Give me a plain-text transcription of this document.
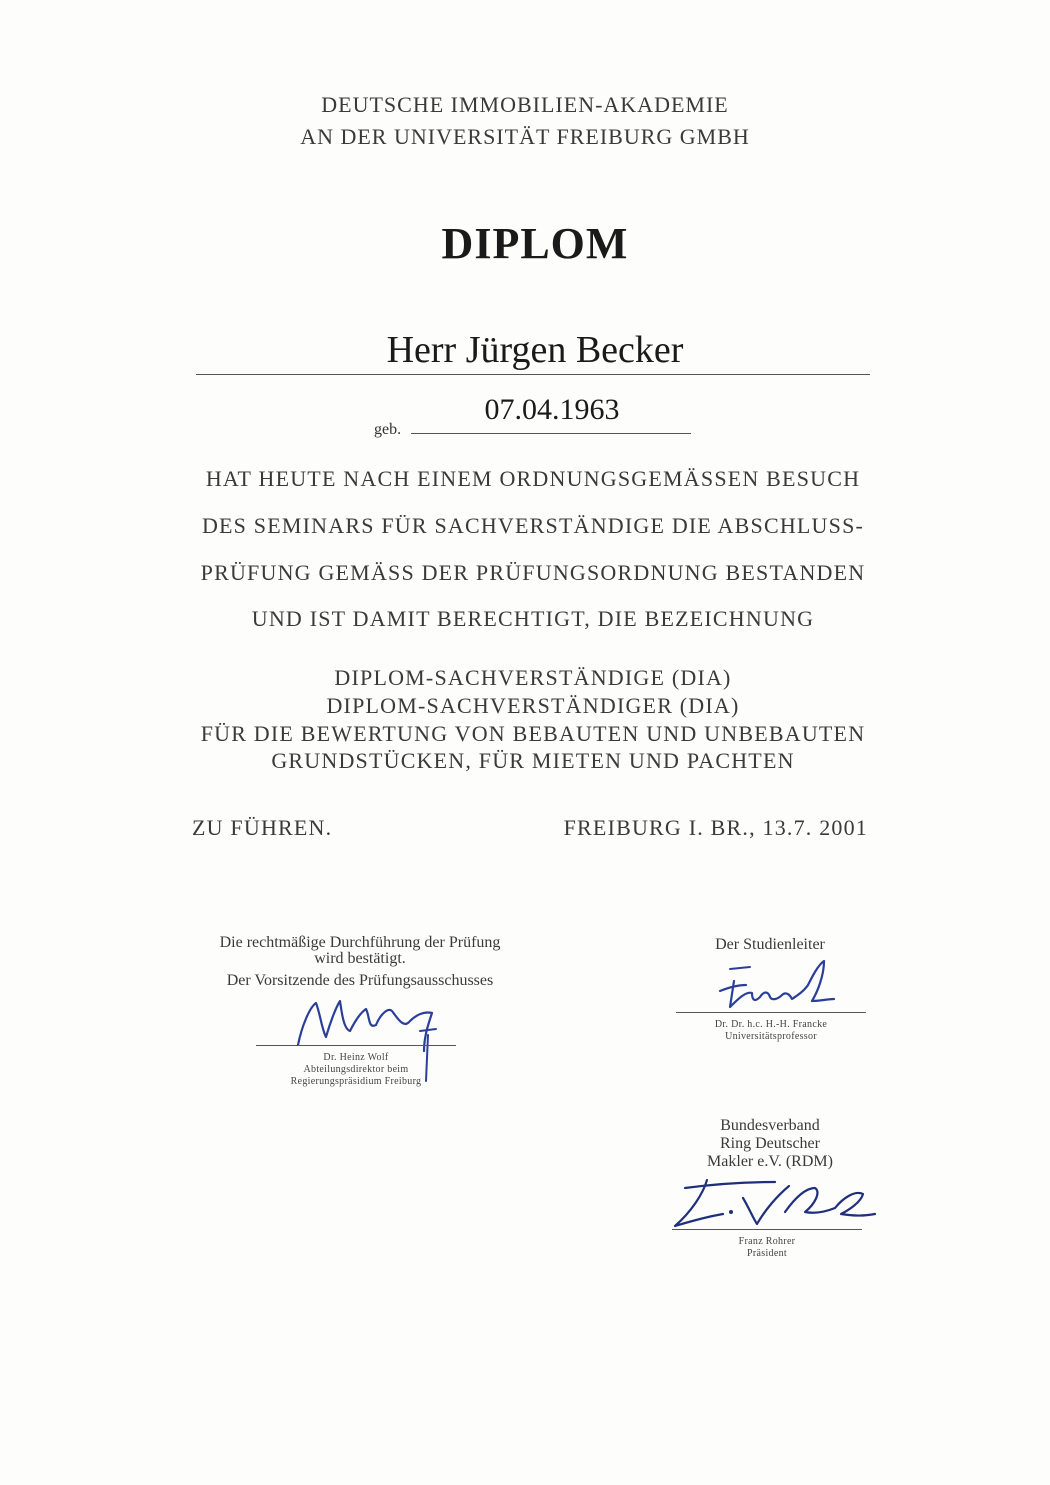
DEUTSCHE IMMOBILIEN-AKADEMIE
AN DER UNIVERSITÄT FREIBURG GMBH
DIPLOM
Herr Jürgen Becker
geb.
07.04.1963
HAT HEUTE NACH EINEM ORDNUNGSGEMÄSSEN BESUCH
DES SEMINARS FÜR SACHVERSTÄNDIGE DIE ABSCHLUSS-
PRÜFUNG GEMÄSS DER PRÜFUNGSORDNUNG BESTANDEN
UND IST DAMIT BERECHTIGT, DIE BEZEICHNUNG
DIPLOM-SACHVERSTÄNDIGE (DIA)
DIPLOM-SACHVERSTÄNDIGER (DIA)
FÜR DIE BEWERTUNG VON BEBAUTEN UND UNBEBAUTEN
GRUNDSTÜCKEN, FÜR MIETEN UND PACHTEN
ZU FÜHREN.	FREIBURG I. BR., 13.7. 2001
Die rechtmäßige Durchführung der Prüfung
wird bestätigt.
Der Vorsitzende des Prüfungsausschusses
Dr. Heinz Wolf
Abteilungsdirektor beim
Regierungspräsidium Freiburg
Der Studienleiter
Dr. Dr. h.c. H.-H. Francke
Universitätsprofessor
Bundesverband
Ring Deutscher
Makler e.V. (RDM)
Franz Rohrer
Präsident
